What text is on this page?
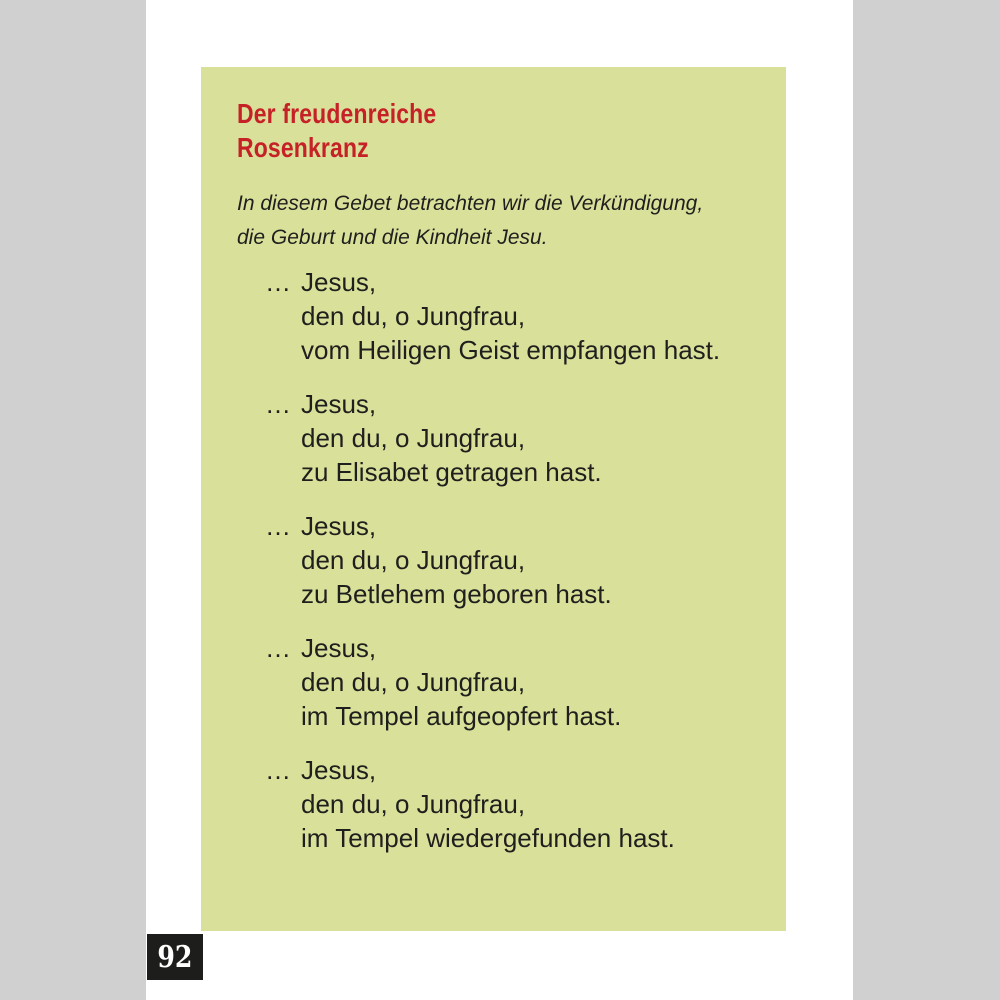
Der freudenreiche
Rosenkranz
In diesem Gebet betrachten wir die Verkündigung,
die Geburt und die Kindheit Jesu.
… Jesus,
den du, o Jungfrau,
vom Heiligen Geist empfangen hast.
… Jesus,
den du, o Jungfrau,
zu Elisabet getragen hast.
… Jesus,
den du, o Jungfrau,
zu Betlehem geboren hast.
… Jesus,
den du, o Jungfrau,
im Tempel aufgeopfert hast.
… Jesus,
den du, o Jungfrau,
im Tempel wiedergefunden hast.
92
